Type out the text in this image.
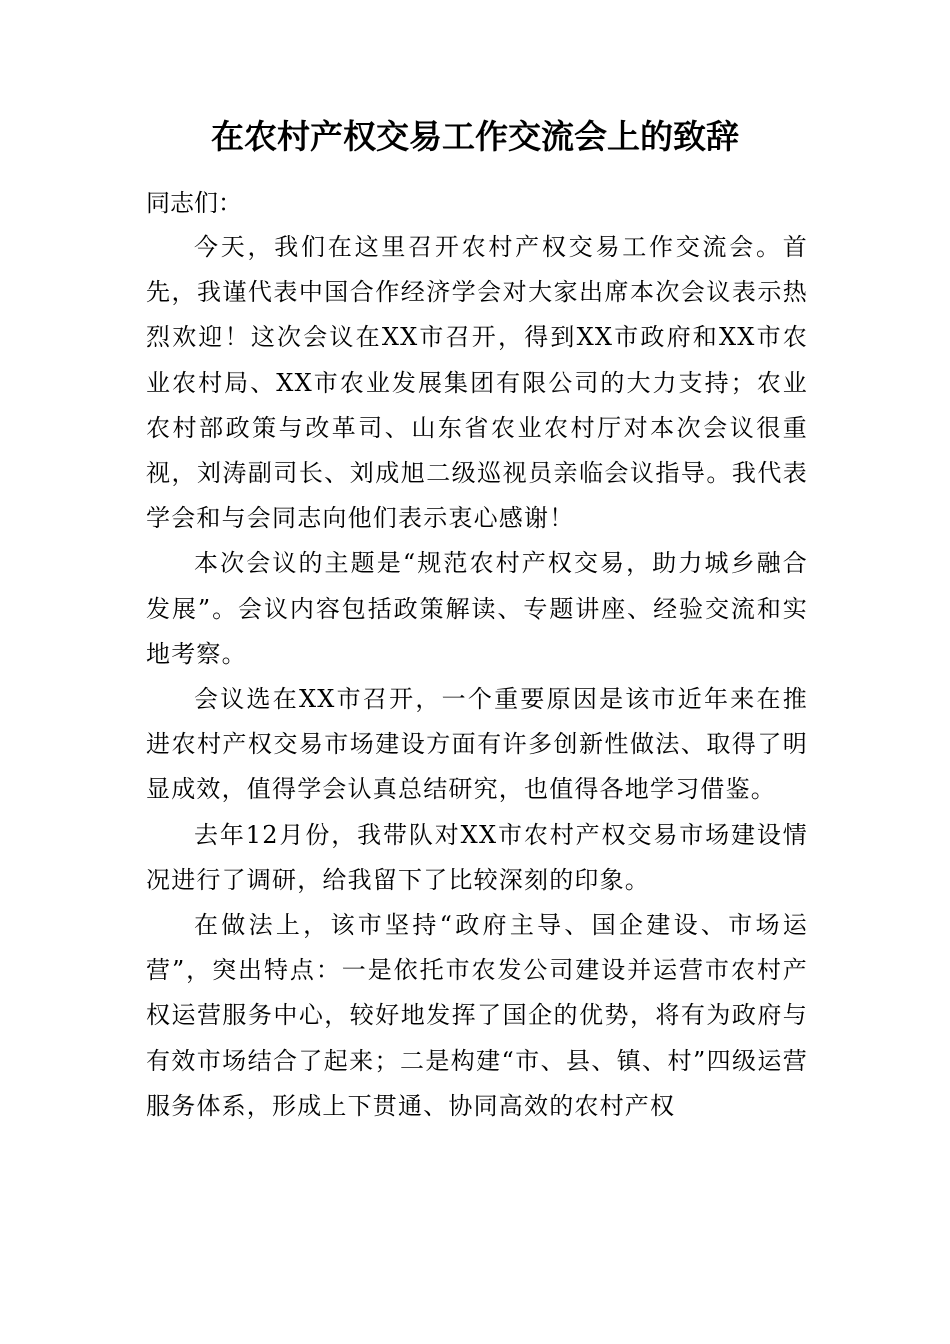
在农村产权交易工作交流会上的致辞

同志们：

今天，我们在这里召开农村产权交易工作交流会。首先，我谨代表中国合作经济学会对大家出席本次会议表示热烈欢迎！这次会议在XX市召开，得到XX市政府和XX市农业农村局、XX市农业发展集团有限公司的大力支持；农业农村部政策与改革司、山东省农业农村厅对本次会议很重视，刘涛副司长、刘成旭二级巡视员亲临会议指导。我代表学会和与会同志向他们表示衷心感谢！

本次会议的主题是“规范农村产权交易，助力城乡融合发展”。会议内容包括政策解读、专题讲座、经验交流和实地考察。

会议选在XX市召开，一个重要原因是该市近年来在推进农村产权交易市场建设方面有许多创新性做法、取得了明显成效，值得学会认真总结研究，也值得各地学习借鉴。

去年12月份，我带队对XX市农村产权交易市场建设情况进行了调研，给我留下了比较深刻的印象。

在做法上，该市坚持“政府主导、国企建设、市场运营”，突出特点：一是依托市农发公司建设并运营市农村产权运营服务中心，较好地发挥了国企的优势，将有为政府与有效市场结合了起来；二是构建“市、县、镇、村”四级运营服务体系，形成上下贯通、协同高效的农村产权
